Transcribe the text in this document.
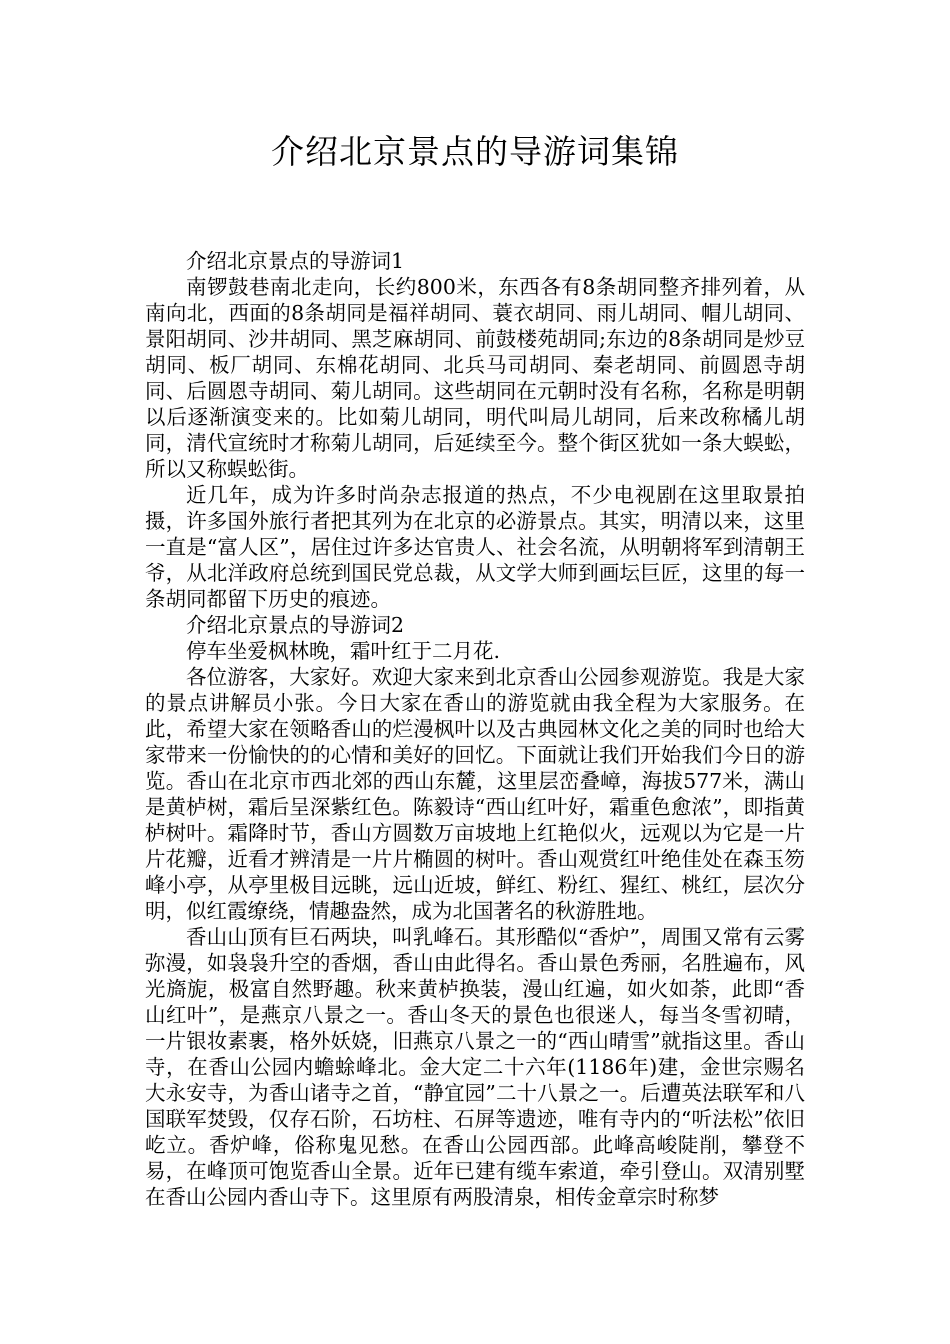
介绍北京景点的导游词集锦

介绍北京景点的导游词1

南锣鼓巷南北走向，长约800米，东西各有8条胡同整齐排列着，从南向北，西面的8条胡同是福祥胡同、蓑衣胡同、雨儿胡同、帽儿胡同、景阳胡同、沙井胡同、黑芝麻胡同、前鼓楼苑胡同;东边的8条胡同是炒豆胡同、板厂胡同、东棉花胡同、北兵马司胡同、秦老胡同、前圆恩寺胡同、后圆恩寺胡同、菊儿胡同。这些胡同在元朝时没有名称，名称是明朝以后逐渐演变来的。比如菊儿胡同，明代叫局儿胡同，后来改称橘儿胡同，清代宣统时才称菊儿胡同，后延续至今。整个街区犹如一条大蜈蚣，所以又称蜈蚣街。

近几年，成为许多时尚杂志报道的热点，不少电视剧在这里取景拍摄，许多国外旅行者把其列为在北京的必游景点。其实，明清以来，这里一直是“富人区”，居住过许多达官贵人、社会名流，从明朝将军到清朝王爷，从北洋政府总统到国民党总裁，从文学大师到画坛巨匠，这里的每一条胡同都留下历史的痕迹。

介绍北京景点的导游词2

停车坐爱枫林晚，霜叶红于二月花.

各位游客，大家好。欢迎大家来到北京香山公园参观游览。我是大家的景点讲解员小张。今日大家在香山的游览就由我全程为大家服务。在此，希望大家在领略香山的烂漫枫叶以及古典园林文化之美的同时也给大家带来一份愉快的的心情和美好的回忆。下面就让我们开始我们今日的游览。香山在北京市西北郊的西山东麓，这里层峦叠嶂，海拔577米，满山是黄栌树，霜后呈深紫红色。陈毅诗“西山红叶好，霜重色愈浓”，即指黄栌树叶。霜降时节，香山方圆数万亩坡地上红艳似火，远观以为它是一片片花瓣，近看才辨清是一片片椭圆的树叶。香山观赏红叶绝佳处在森玉笏峰小亭，从亭里极目远眺，远山近坡，鲜红、粉红、猩红、桃红，层次分明，似红霞缭绕，情趣盎然，成为北国著名的秋游胜地。

香山山顶有巨石两块，叫乳峰石。其形酷似“香炉”，周围又常有云雾弥漫，如袅袅升空的香烟，香山由此得名。香山景色秀丽，名胜遍布，风光旖旎，极富自然野趣。秋来黄栌换装，漫山红遍，如火如荼，此即“香山红叶”，是燕京八景之一。香山冬天的景色也很迷人，每当冬雪初晴，一片银妆素裹，格外妖娆，旧燕京八景之一的“西山晴雪”就指这里。香山寺，在香山公园内蟾蜍峰北。金大定二十六年(1186年)建，金世宗赐名大永安寺，为香山诸寺之首，“静宜园”二十八景之一。后遭英法联军和八国联军焚毁，仅存石阶，石坊柱、石屏等遗迹，唯有寺内的“听法松”依旧屹立。香炉峰，俗称鬼见愁。在香山公园西部。此峰高峻陡削，攀登不易，在峰顶可饱览香山全景。近年已建有缆车索道，牵引登山。双清别墅在香山公园内香山寺下。这里原有两股清泉，相传金章宗时称梦
